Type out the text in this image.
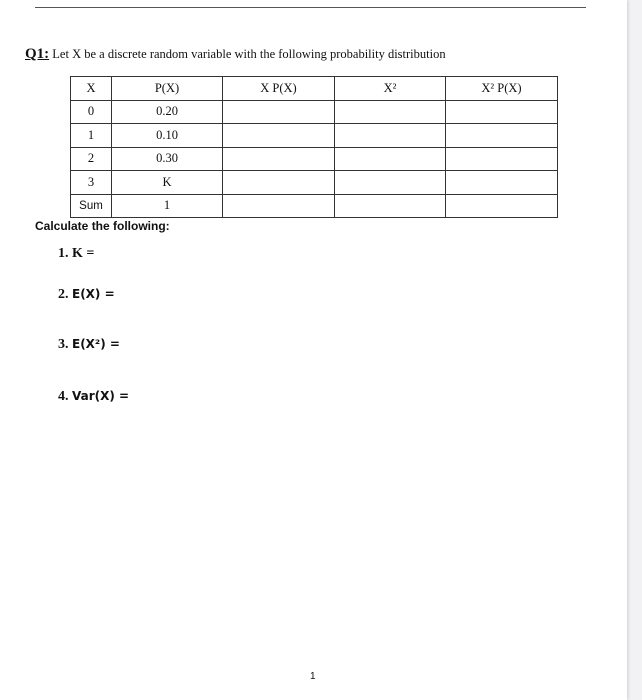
Q1: Let X be a discrete random variable with the following probability distribution
X	P(X)	X P(X)	X²	X² P(X)
0	0.20			
1	0.10			
2	0.30			
3	K			
Sum	1			
Calculate the following:
1. K =
2. E(X) =
3. E(X²) =
4. Var(X) =
1
